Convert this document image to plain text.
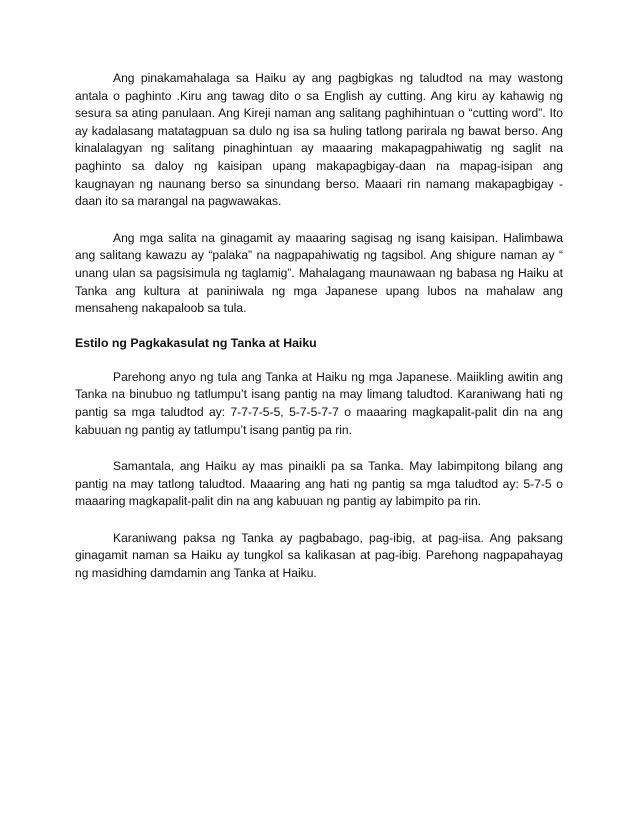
Ang pinakamahalaga sa Haiku ay ang pagbigkas ng taludtod na may wastong antala o paghinto .Kiru ang tawag dito o sa English ay cutting. Ang kiru ay kahawig ng sesura sa ating panulaan. Ang Kireji naman ang salitang paghihintuan o “cutting word”. Ito ay kadalasang matatagpuan sa dulo ng isa sa huling tatlong parirala ng bawat berso. Ang kinalalagyan ng salitang pinaghintuan ay maaaring makapagpahiwatig ng saglit na paghinto sa daloy ng kaisipan upang makapagbigay-daan na mapag-isipan ang kaugnayan ng naunang berso sa sinundang berso. Maaari rin namang makapagbigay -daan ito sa marangal na pagwawakas.

Ang mga salita na ginagamit ay maaaring sagisag ng isang kaisipan. Halimbawa ang salitang kawazu ay “palaka” na nagpapahiwatig ng tagsibol. Ang shigure naman ay “ unang ulan sa pagsisimula ng taglamig”. Mahalagang maunawaan ng babasa ng Haiku at Tanka ang kultura at paniniwala ng mga Japanese upang lubos na mahalaw ang mensaheng nakapaloob sa tula.

Estilo ng Pagkakasulat ng Tanka at Haiku

Parehong anyo ng tula ang Tanka at Haiku ng mga Japanese. Maiikling awitin ang Tanka na binubuo ng tatlumpu’t isang pantig na may limang taludtod. Karaniwang hati ng pantig sa mga taludtod ay: 7-7-7-5-5, 5-7-5-7-7 o maaaring magkapalit-palit din na ang kabuuan ng pantig ay tatlumpu’t isang pantig pa rin.

Samantala, ang Haiku ay mas pinaikli pa sa Tanka. May labimpitong bilang ang pantig na may tatlong taludtod. Maaaring ang hati ng pantig sa mga taludtod ay: 5-7-5 o maaaring magkapalit-palit din na ang kabuuan ng pantig ay labimpito pa rin.

Karaniwang paksa ng Tanka ay pagbabago, pag-ibig, at pag-iisa. Ang paksang ginagamit naman sa Haiku ay tungkol sa kalikasan at pag-ibig. Parehong nagpapahayag ng masidhing damdamin ang Tanka at Haiku.
